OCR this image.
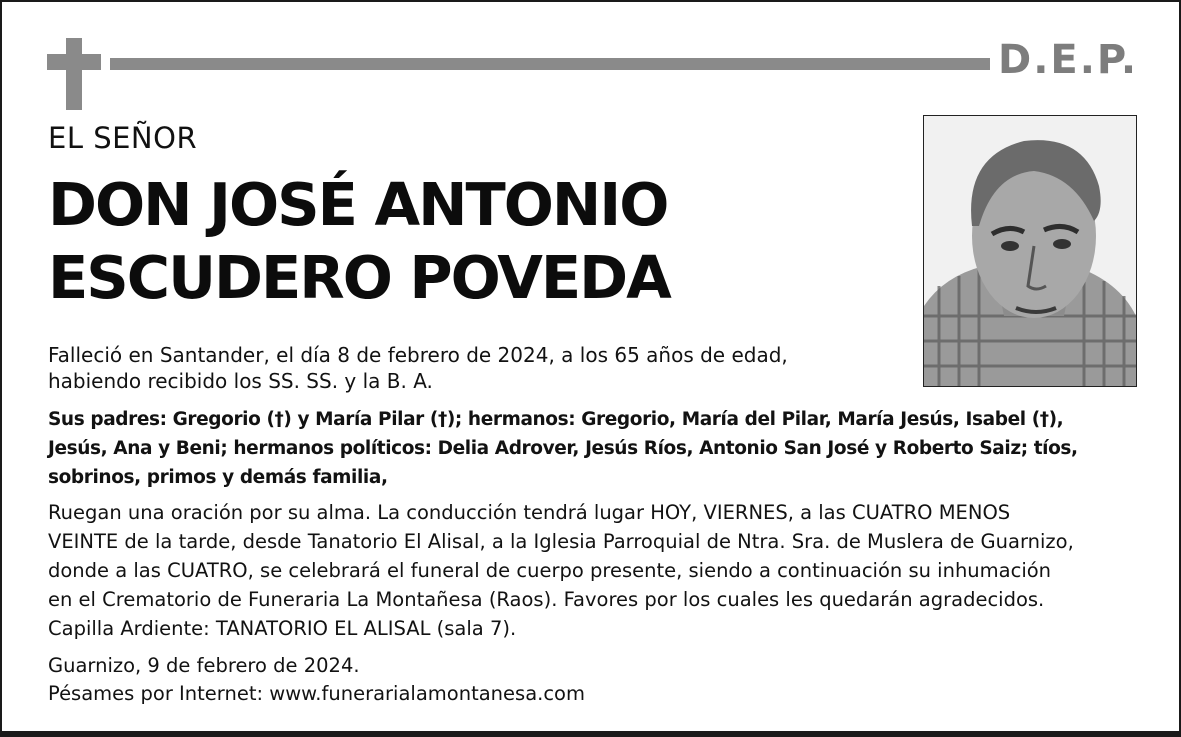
D.E.P.
EL SEÑOR
DON JOSÉ ANTONIO
ESCUDERO POVEDA
Falleció en Santander, el día 8 de febrero de 2024, a los 65 años de edad,
habiendo recibido los SS. SS. y la B. A.
Sus padres: Gregorio (†) y María Pilar (†); hermanos: Gregorio, María del Pilar, María Jesús, Isabel (†),
Jesús, Ana y Beni; hermanos políticos: Delia Adrover, Jesús Ríos, Antonio San José y Roberto Saiz; tíos,
sobrinos, primos y demás familia,
Ruegan una oración por su alma. La conducción tendrá lugar HOY, VIERNES, a las CUATRO MENOS
VEINTE de la tarde, desde Tanatorio El Alisal, a la Iglesia Parroquial de Ntra. Sra. de Muslera de Guarnizo,
donde a las CUATRO, se celebrará el funeral de cuerpo presente, siendo a continuación su inhumación
en el Crematorio de Funeraria La Montañesa (Raos). Favores por los cuales les quedarán agradecidos.
Capilla Ardiente: TANATORIO EL ALISAL (sala 7).
Guarnizo, 9 de febrero de 2024.
Pésames por Internet: www.funerarialamontanesa.com
